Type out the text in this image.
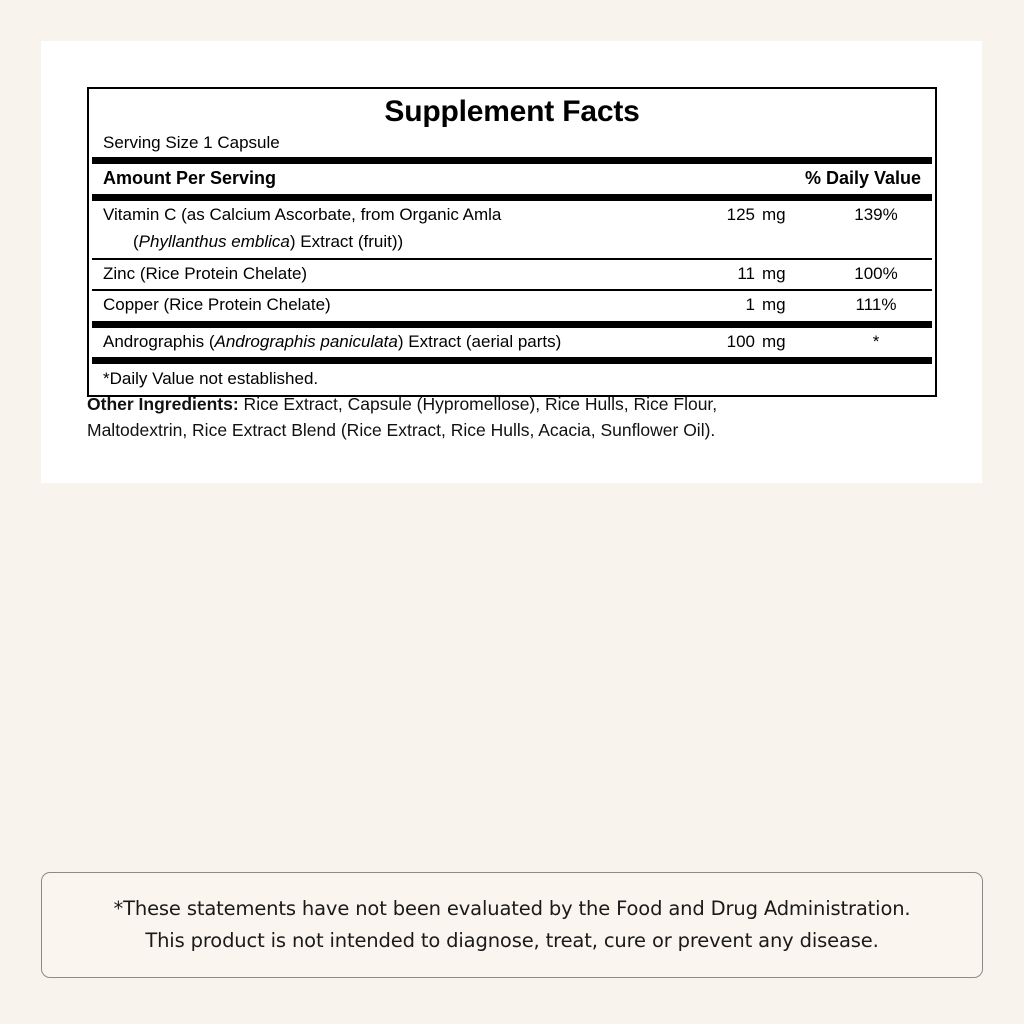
Supplement Facts
Serving Size 1 Capsule
Amount Per Serving	% Daily Value
Vitamin C (as Calcium Ascorbate, from Organic Amla	125 mg	139%
(Phyllanthus emblica) Extract (fruit))
Zinc (Rice Protein Chelate)	11 mg	100%
Copper (Rice Protein Chelate)	1 mg	111%
Andrographis (Andrographis paniculata) Extract (aerial parts)	100 mg	*
*Daily Value not established.
Other Ingredients: Rice Extract, Capsule (Hypromellose), Rice Hulls, Rice Flour,
Maltodextrin, Rice Extract Blend (Rice Extract, Rice Hulls, Acacia, Sunflower Oil).
*These statements have not been evaluated by the Food and Drug Administration.
This product is not intended to diagnose, treat, cure or prevent any disease.
